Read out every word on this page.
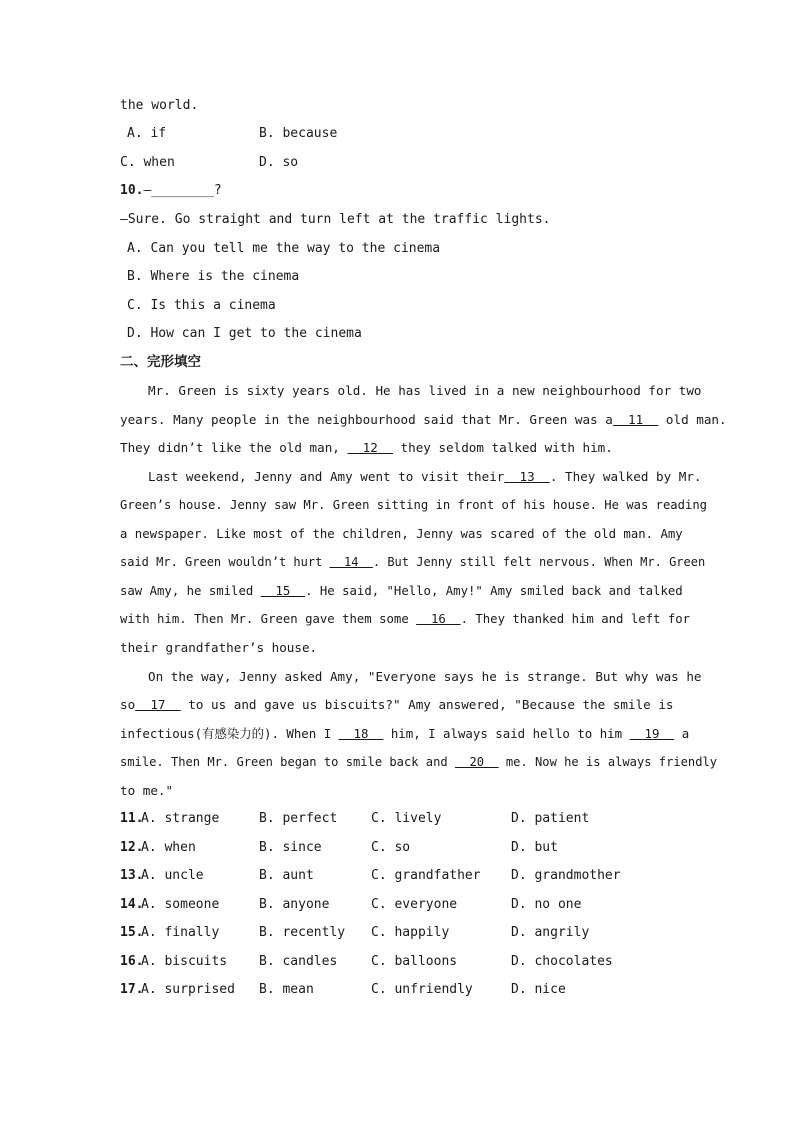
the world.
A. if	B. because
C. when	D. so
10.—________?
—Sure. Go straight and turn left at the traffic lights.
A. Can you tell me the way to the cinema
B. Where is the cinema
C. Is this a cinema
D. How can I get to the cinema
二、完形填空
Mr. Green is sixty years old. He has lived in a new neighbourhood for two
years. Many people in the neighbourhood said that Mr. Green was a  11   old man.
They didn’t like the old man,   12   they seldom talked with him.
Last weekend, Jenny and Amy went to visit their  13  . They walked by Mr.
Green’s house. Jenny saw Mr. Green sitting in front of his house. He was reading
a newspaper. Like most of the children, Jenny was scared of the old man. Amy
said Mr. Green wouldn’t hurt   14  . But Jenny still felt nervous. When Mr. Green
saw Amy, he smiled   15  . He said, "Hello, Amy!" Amy smiled back and talked
with him. Then Mr. Green gave them some   16  . They thanked him and left for
their grandfather’s house.
On the way, Jenny asked Amy, "Everyone says he is strange. But why was he
so  17   to us and gave us biscuits?" Amy answered, "Because the smile is
infectious(有感染力的). When I   18   him, I always said hello to him   19   a
smile. Then Mr. Green began to smile back and   20   me. Now he is always friendly
to me."
11.
A. strange	B. perfect	C. lively	D. patient
12.
A. when	B. since	C. so	D. but
13.
A. uncle	B. aunt	C. grandfather D. grandmother
14.
A. someone	B. anyone	C. everyone	D. no one
15.
A. finally	B. recently C. happily	D. angrily
16.
A. biscuits B. candles	C. balloons	D. chocolates
17.
A. surprised B. mean	C. unfriendly	D. nice
